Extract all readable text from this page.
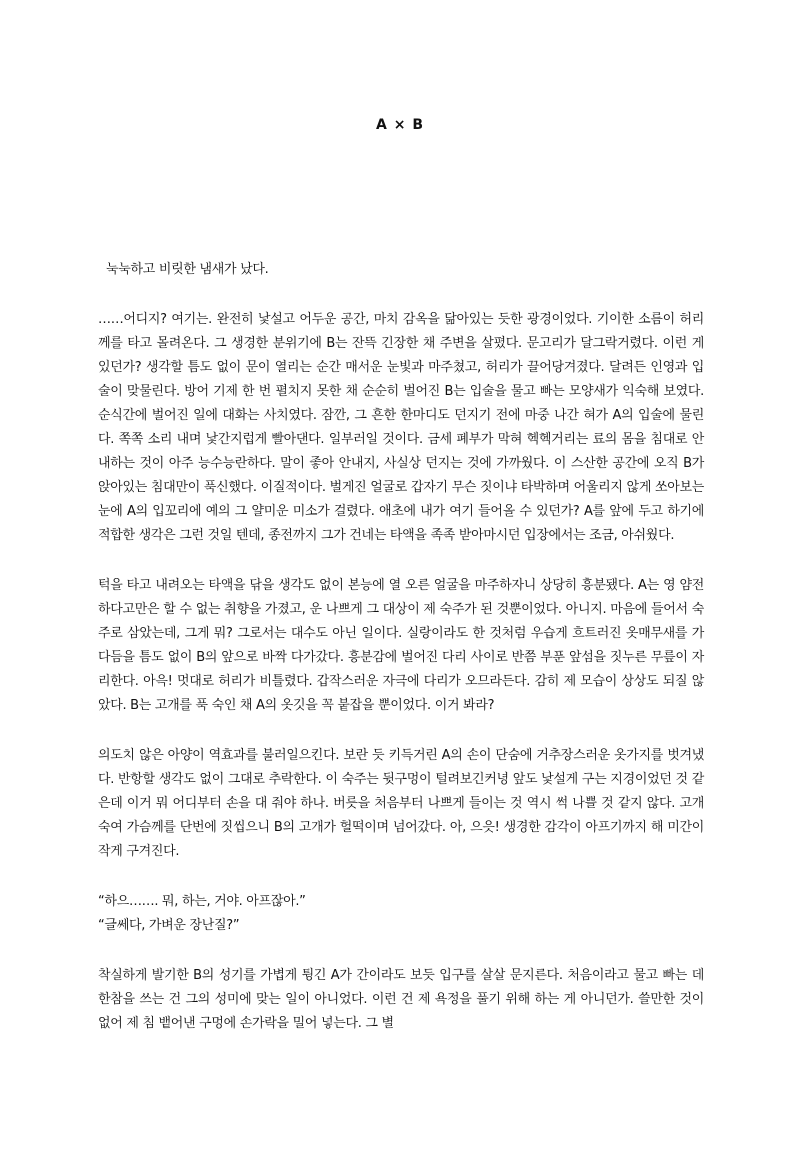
A × B

눅눅하고 비릿한 냄새가 났다.

……어디지? 여기는. 완전히 낯설고 어두운 공간, 마치 감옥을 닮아있는 듯한 광경이었다. 기이한 소름이 허리께를 타고 몰려온다. 그 생경한 분위기에 B는 잔뜩 긴장한 채 주변을 살폈다. 문고리가 달그락거렸다. 이런 게 있던가? 생각할 틈도 없이 문이 열리는 순간 매서운 눈빛과 마주쳤고, 허리가 끌어당겨졌다. 달려든 인영과 입술이 맞물린다. 방어 기제 한 번 펼치지 못한 채 순순히 벌어진 B는 입술을 물고 빠는 모양새가 익숙해 보였다. 순식간에 벌어진 일에 대화는 사치였다. 잠깐, 그 흔한 한마디도 던지기 전에 마중 나간 혀가 A의 입술에 물린다. 쪽쪽 소리 내며 낯간지럽게 빨아댄다. 일부러일 것이다. 금세 폐부가 막혀 헥헥거리는 료의 몸을 침대로 안내하는 것이 아주 능수능란하다. 말이 좋아 안내지, 사실상 던지는 것에 가까웠다. 이 스산한 공간에 오직 B가 앉아있는 침대만이 푹신했다. 이질적이다. 벌게진 얼굴로 갑자기 무슨 짓이냐 타박하며 어울리지 않게 쏘아보는 눈에 A의 입꼬리에 예의 그 얄미운 미소가 걸렸다. 애초에 내가 여기 들어올 수 있던가? A를 앞에 두고 하기에 적합한 생각은 그런 것일 텐데, 종전까지 그가 건네는 타액을 족족 받아마시던 입장에서는 조금, 아쉬웠다.

턱을 타고 내려오는 타액을 닦을 생각도 없이 본능에 열 오른 얼굴을 마주하자니 상당히 흥분됐다. A는 영 얌전하다고만은 할 수 없는 취향을 가졌고, 운 나쁘게 그 대상이 제 숙주가 된 것뿐이었다. 아니지. 마음에 들어서 숙주로 삼았는데, 그게 뭐? 그로서는 대수도 아닌 일이다. 실랑이라도 한 것처럼 우습게 흐트러진 옷매무새를 가다듬을 틈도 없이 B의 앞으로 바짝 다가갔다. 흥분감에 벌어진 다리 사이로 반쯤 부푼 앞섬을 짓누른 무릎이 자리한다. 아윽! 멋대로 허리가 비틀렸다. 갑작스러운 자극에 다리가 오므라든다. 감히 제 모습이 상상도 되질 않았다. B는 고개를 푹 숙인 채 A의 옷깃을 꼭 붙잡을 뿐이었다. 이거 봐라?

의도치 않은 아양이 역효과를 불러일으킨다. 보란 듯 키득거린 A의 손이 단숨에 거추장스러운 옷가지를 벗겨냈다. 반항할 생각도 없이 그대로 추락한다. 이 숙주는 뒷구멍이 털려보긴커녕 앞도 낯설게 구는 지경이었던 것 같은데 이거 뭐 어디부터 손을 대 줘야 하나. 버릇을 처음부터 나쁘게 들이는 것 역시 썩 나쁠 것 같지 않다. 고개 숙여 가슴께를 단번에 짓씹으니 B의 고개가 헐떡이며 넘어갔다. 아, 으읏! 생경한 감각이 아프기까지 해 미간이 작게 구겨진다.

“하으……. 뭐, 하는, 거야. 아프잖아.”

“글쎄다, 가벼운 장난질?”

착실하게 발기한 B의 성기를 가볍게 튕긴 A가 간이라도 보듯 입구를 살살 문지른다. 처음이라고 물고 빠는 데 한참을 쓰는 건 그의 성미에 맞는 일이 아니었다. 이런 건 제 욕정을 풀기 위해 하는 게 아니던가. 쓸만한 것이 없어 제 침 뱉어낸 구멍에 손가락을 밀어 넣는다. 그 별
